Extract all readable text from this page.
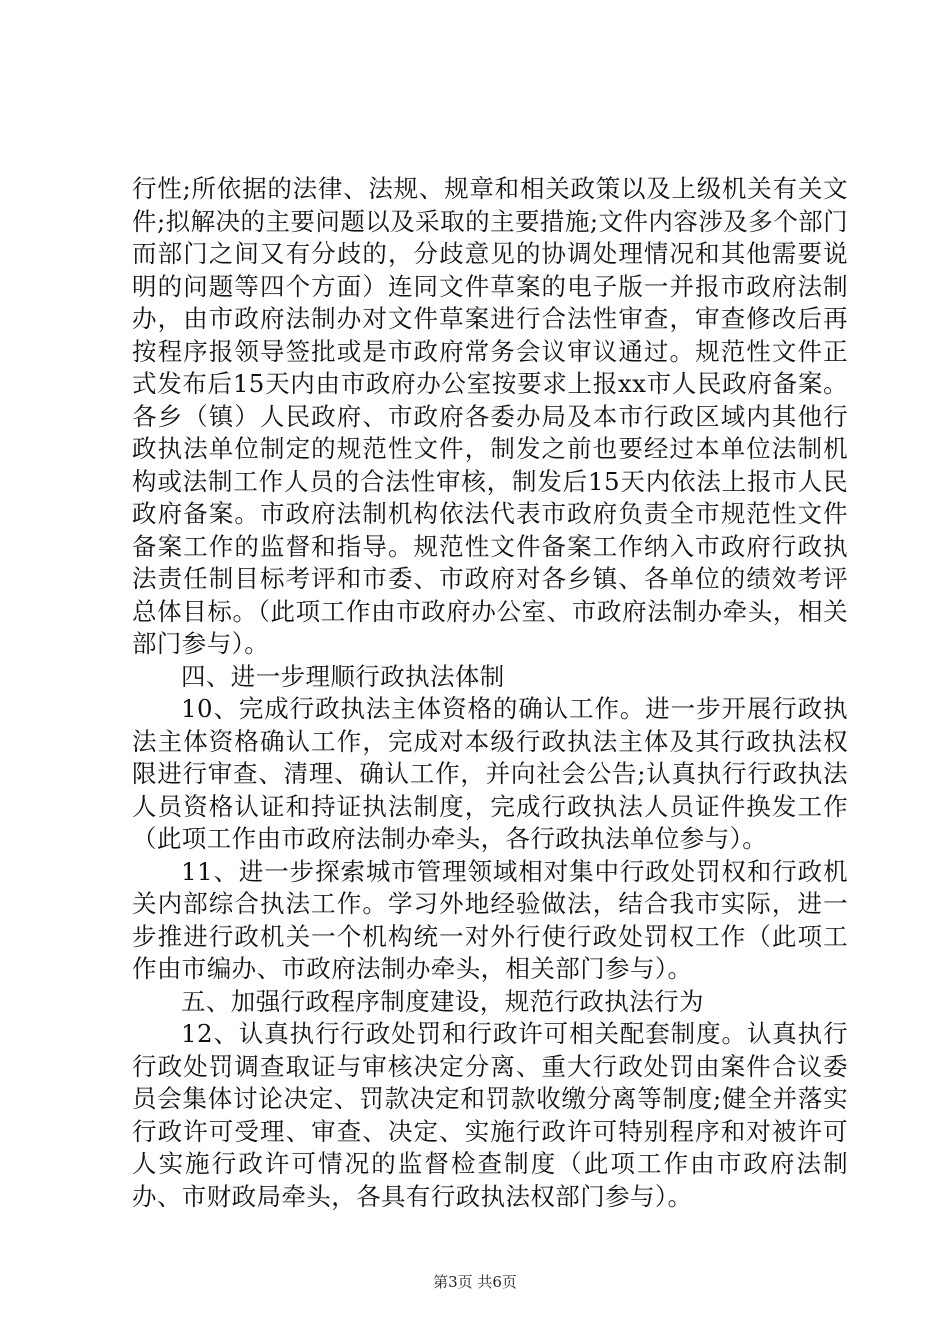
行性;所依据的法律、法规、规章和相关政策以及上级机关有关文件;拟解决的主要问题以及采取的主要措施;文件内容涉及多个部门而部门之间又有分歧的，分歧意见的协调处理情况和其他需要说明的问题等四个方面）连同文件草案的电子版一并报市政府法制办，由市政府法制办对文件草案进行合法性审查，审查修改后再按程序报领导签批或是市政府常务会议审议通过。规范性文件正式发布后15天内由市政府办公室按要求上报xx市人民政府备案。各乡（镇）人民政府、市政府各委办局及本市行政区域内其他行政执法单位制定的规范性文件，制发之前也要经过本单位法制机构或法制工作人员的合法性审核，制发后15天内依法上报市人民政府备案。市政府法制机构依法代表市政府负责全市规范性文件备案工作的监督和指导。规范性文件备案工作纳入市政府行政执法责任制目标考评和市委、市政府对各乡镇、各单位的绩效考评总体目标。（此项工作由市政府办公室、市政府法制办牵头，相关部门参与）。

四、进一步理顺行政执法体制

10、完成行政执法主体资格的确认工作。进一步开展行政执法主体资格确认工作，完成对本级行政执法主体及其行政执法权限进行审查、清理、确认工作，并向社会公告;认真执行行政执法人员资格认证和持证执法制度，完成行政执法人员证件换发工作（此项工作由市政府法制办牵头，各行政执法单位参与）。

11、进一步探索城市管理领域相对集中行政处罚权和行政机关内部综合执法工作。学习外地经验做法，结合我市实际，进一步推进行政机关一个机构统一对外行使行政处罚权工作（此项工作由市编办、市政府法制办牵头，相关部门参与）。

五、加强行政程序制度建设，规范行政执法行为

12、认真执行行政处罚和行政许可相关配套制度。认真执行行政处罚调查取证与审核决定分离、重大行政处罚由案件合议委员会集体讨论决定、罚款决定和罚款收缴分离等制度;健全并落实行政许可受理、审查、决定、实施行政许可特别程序和对被许可人实施行政许可情况的监督检查制度（此项工作由市政府法制办、市财政局牵头，各具有行政执法权部门参与）。

第3页 共6页
